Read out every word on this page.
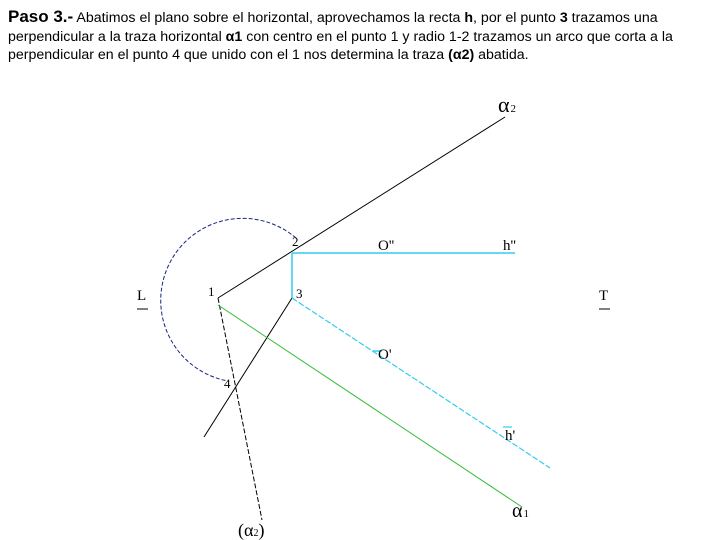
Paso 3.- Abatimos el plano sobre el horizontal, aprovechamos la recta h, por el punto 3 trazamos una perpendicular a la traza horizontal α1 con centro en el punto 1 y radio 1-2 trazamos un arco que corta a la perpendicular en el punto 4 que unido con el 1 nos determina la traza (α2) abatida.
α2
2
1	3
4
O''	h''
O'
h'
α1
(α2)
L	T
